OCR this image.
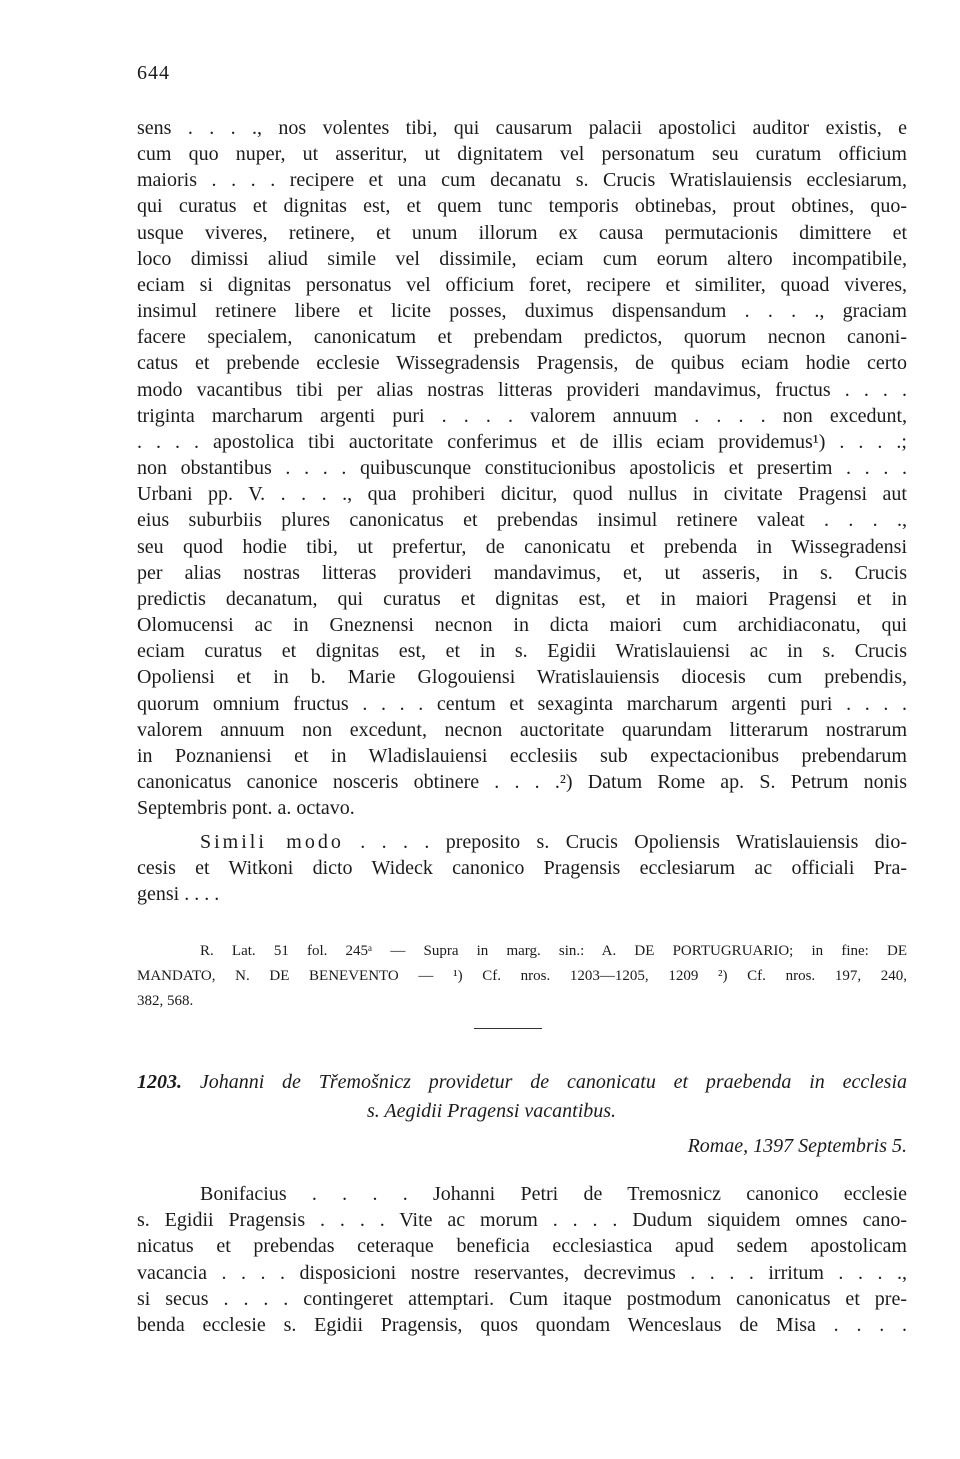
644
sens . . . ., nos volentes tibi, qui causarum palacii apostolici auditor existis, e
cum quo nuper, ut asseritur, ut dignitatem vel personatum seu curatum officium
maioris . . . . recipere et una cum decanatu s. Crucis Wratislauiensis ecclesiarum,
qui curatus et dignitas est, et quem tunc temporis obtinebas, prout obtines, quo-
usque viveres, retinere, et unum illorum ex causa permutacionis dimittere et
loco dimissi aliud simile vel dissimile, eciam cum eorum altero incompatibile,
eciam si dignitas personatus vel officium foret, recipere et similiter, quoad viveres,
insimul retinere libere et licite posses, duximus dispensandum . . . ., graciam
facere specialem, canonicatum et prebendam predictos, quorum necnon canoni-
catus et prebende ecclesie Wissegradensis Pragensis, de quibus eciam hodie certo
modo vacantibus tibi per alias nostras litteras provideri mandavimus, fructus . . . .
triginta marcharum argenti puri . . . . valorem annuum . . . . non excedunt,
. . . . apostolica tibi auctoritate conferimus et de illis eciam providemus¹) . . . .;
non obstantibus . . . . quibuscunque constitucionibus apostolicis et presertim . . . .
Urbani pp. V. . . . ., qua prohiberi dicitur, quod nullus in civitate Pragensi aut
eius suburbiis plures canonicatus et prebendas insimul retinere valeat . . . .,
seu quod hodie tibi, ut prefertur, de canonicatu et prebenda in Wissegradensi
per alias nostras litteras provideri mandavimus, et, ut asseris, in s. Crucis
predictis decanatum, qui curatus et dignitas est, et in maiori Pragensi et in
Olomucensi ac in Gneznensi necnon in dicta maiori cum archidiaconatu, qui
eciam curatus et dignitas est, et in s. Egidii Wratislauiensi ac in s. Crucis
Opoliensi et in b. Marie Glogouiensi Wratislauiensis diocesis cum prebendis,
quorum omnium fructus . . . . centum et sexaginta marcharum argenti puri . . . .
valorem annuum non excedunt, necnon auctoritate quarundam litterarum nostrarum
in Poznaniensi et in Wladislauiensi ecclesiis sub expectacionibus prebendarum
canonicatus canonice nosceris obtinere . . . .²) Datum Rome ap. S. Petrum nonis
Septembris pont. a. octavo.
Simili modo . . . . preposito s. Crucis Opoliensis Wratislauiensis dio-
cesis et Witkoni dicto Wideck canonico Pragensis ecclesiarum ac officiali Pra-
gensi . . . .
R. Lat. 51 fol. 245ᵃ — Supra in marg. sin.: A. DE PORTUGRUARIO; in fine: DE
MANDATO, N. DE BENEVENTO — ¹) Cf. nros. 1203—1205, 1209 ²) Cf. nros. 197, 240,
382, 568.
1203. Johanni de Třemošnicz providetur de canonicatu et praebenda in ecclesia
s. Aegidii Pragensi vacantibus.
Romae, 1397 Septembris 5.
Bonifacius . . . . Johanni Petri de Tremosnicz canonico ecclesie
s. Egidii Pragensis . . . . Vite ac morum . . . . Dudum siquidem omnes cano-
nicatus et prebendas ceteraque beneficia ecclesiastica apud sedem apostolicam
vacancia . . . . disposicioni nostre reservantes, decrevimus . . . . irritum . . . .,
si secus . . . . contingeret attemptari. Cum itaque postmodum canonicatus et pre-
benda ecclesie s. Egidii Pragensis, quos quondam Wenceslaus de Misa . . . .
